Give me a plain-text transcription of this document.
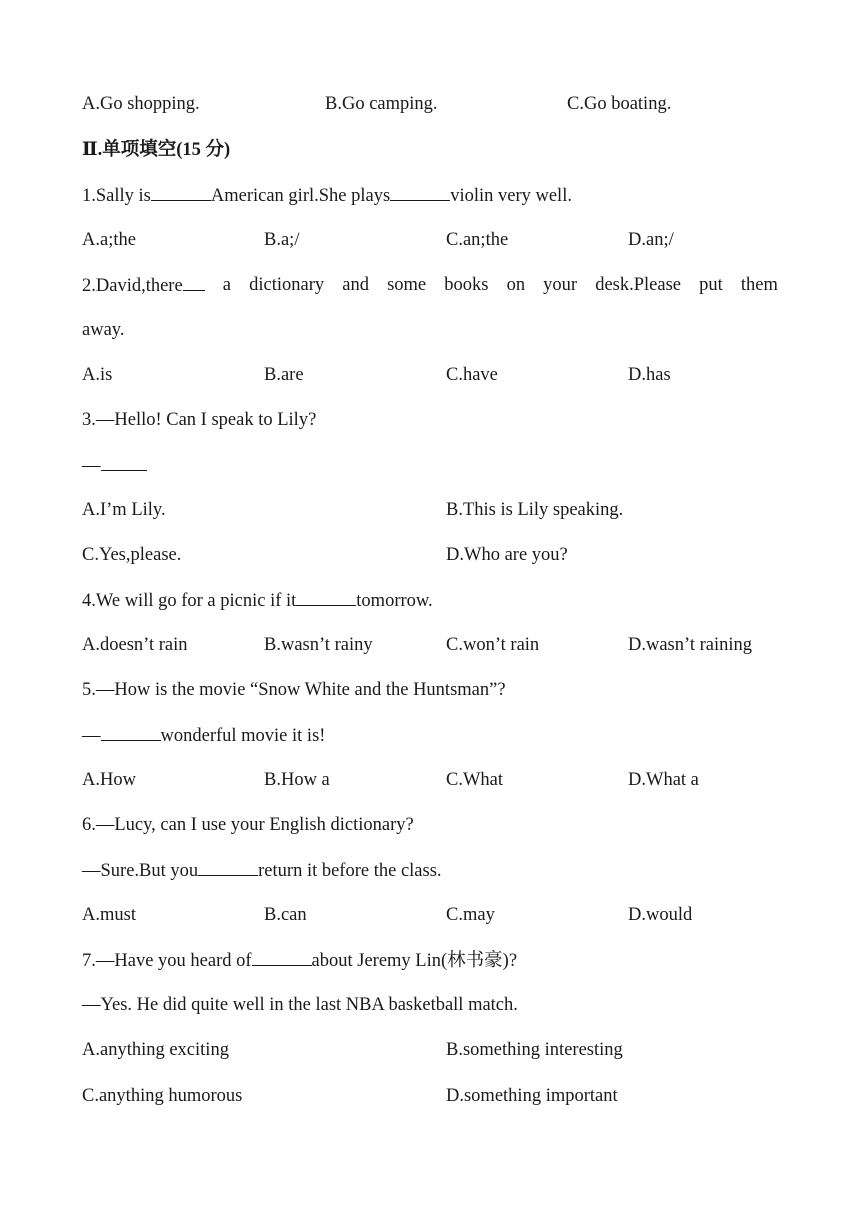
A.Go shopping.	B.Go camping.	C.Go boating.
Ⅱ.单项填空(15 分)
1.Sally is	American girl.She plays	violin very well.
A.a;the	B.a;/	C.an;the	D.an;/
2.David,there	a dictionary and some books on your desk.Please put them
away.
A.is	B.are	C.have	D.has
3.—Hello! Can I speak to Lily?
—
A.I’m Lily.	B.This is Lily speaking.
C.Yes,please.	D.Who are you?
4.We will go for a picnic if it	tomorrow.
A.doesn’t rain	B.wasn’t rainy	C.won’t rain	D.wasn’t raining
5.—How is the movie “Snow White and the Huntsman”?
—	wonderful movie it is!
A.How	B.How a	C.What	D.What a
6.—Lucy, can I use your English dictionary?
—Sure.But you	return it before the class.
A.must	B.can	C.may	D.would
7.—Have you heard of	about Jeremy Lin(林书豪)?
—Yes. He did quite well in the last NBA basketball match.
A.anything exciting	B.something interesting
C.anything humorous	D.something important
